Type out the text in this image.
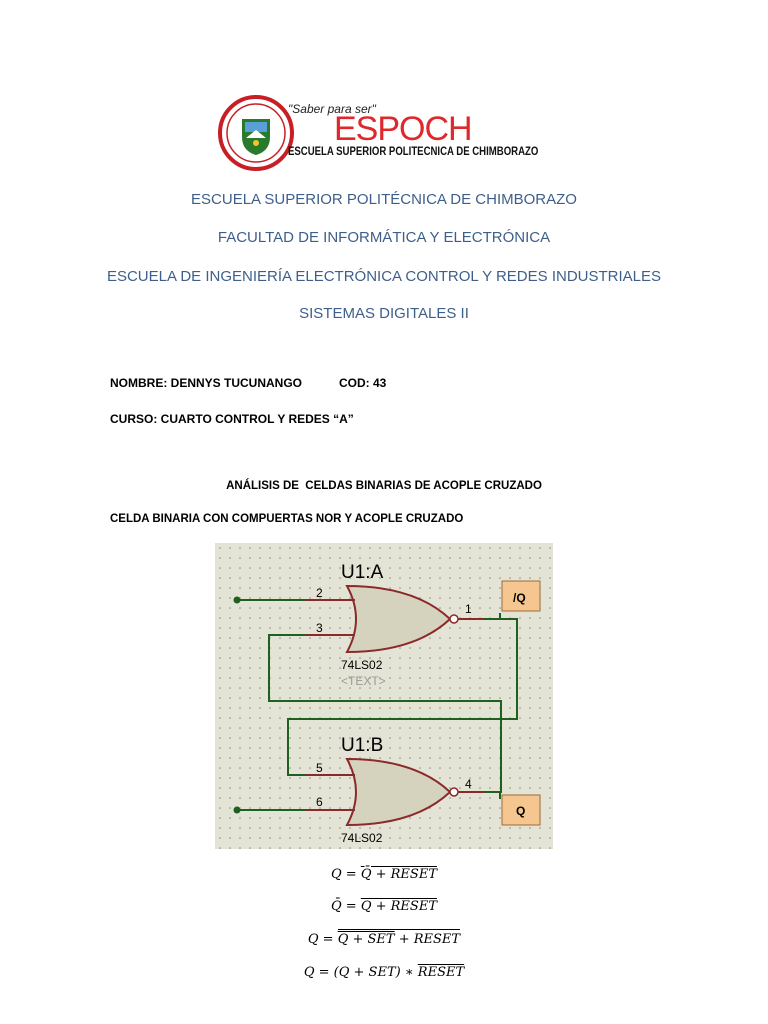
"Saber para ser"
ESPOCH
ESCUELA SUPERIOR POLITECNICA DE CHIMBORAZO
ESCUELA SUPERIOR POLITÉCNICA DE CHIMBORAZO
FACULTAD DE INFORMÁTICA Y ELECTRÓNICA
ESCUELA DE INGENIERÍA ELECTRÓNICA CONTROL Y REDES INDUSTRIALES
SISTEMAS DIGITALES II
NOMBRE: DENNYS TUCUNANGO	COD: 43
CURSO: CUARTO CONTROL Y REDES “A”
ANÁLISIS DE  CELDAS BINARIAS DE ACOPLE CRUZADO
CELDA BINARIA CON COMPUERTAS NOR Y ACOPLE CRUZADO
U1:A
2
3
1
74LS02
<TEXT>
U1:B
5
6
4
74LS02
/Q
Q
Q = Q̄ + RESET
Q̄ = Q + RESET
Q = Q + SET + RESET
Q = (Q + SET) ∗ RESET
